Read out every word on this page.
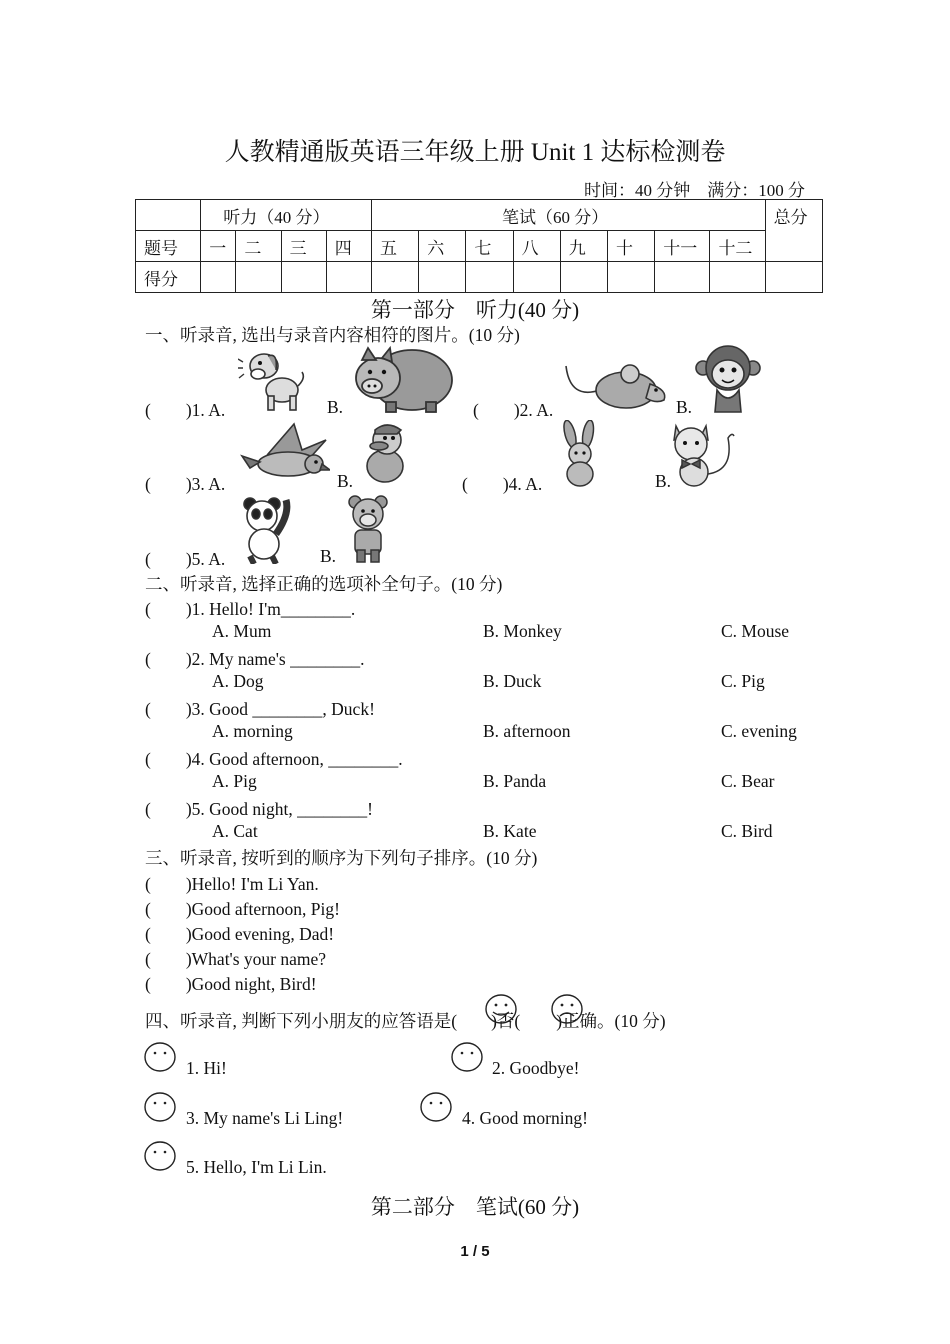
人教精通版英语三年级上册 Unit 1 达标检测卷
时间：40 分钟　满分：100 分
	听力（40 分）				笔试（60 分）								总分
题号	一	二	三	四	五	六	七	八	九	十	十一	十二	
得分													
第一部分　听力(40 分)
一、听录音, 选出与录音内容相符的图片。(10 分)
(　　)1. A.	B.	(　　)2. A.	B.
(　　)3. A.	B.	(　　)4. A.	B.
(　　)5. A.	B.
二、听录音, 选择正确的选项补全句子。(10 分)
(　　)1. Hello! I'm________.
A. Mum	B. Monkey	C. Mouse
(　　)2. My name's ________.
A. Dog	B. Duck	C. Pig
(　　)3. Good ________, Duck!
A. morning	B. afternoon	C. evening
(　　)4. Good afternoon, ________.
A. Pig	B. Panda	C. Bear
(　　)5. Good night, ________!
A. Cat	B. Kate	C. Bird
三、听录音, 按听到的顺序为下列句子排序。(10 分)
(　　)Hello! I'm Li Yan.
(　　)Good afternoon, Pig!
(　　)Good evening, Dad!
(　　)What's your name?
(　　)Good night, Bird!
四、听录音, 判断下列小朋友的应答语是( )否( )正确。(10 分)
1. Hi!	2. Goodbye!
3. My name's Li Ling!	4. Good morning!
5. Hello, I'm Li Lin.
第二部分　笔试(60 分)
1 / 5
